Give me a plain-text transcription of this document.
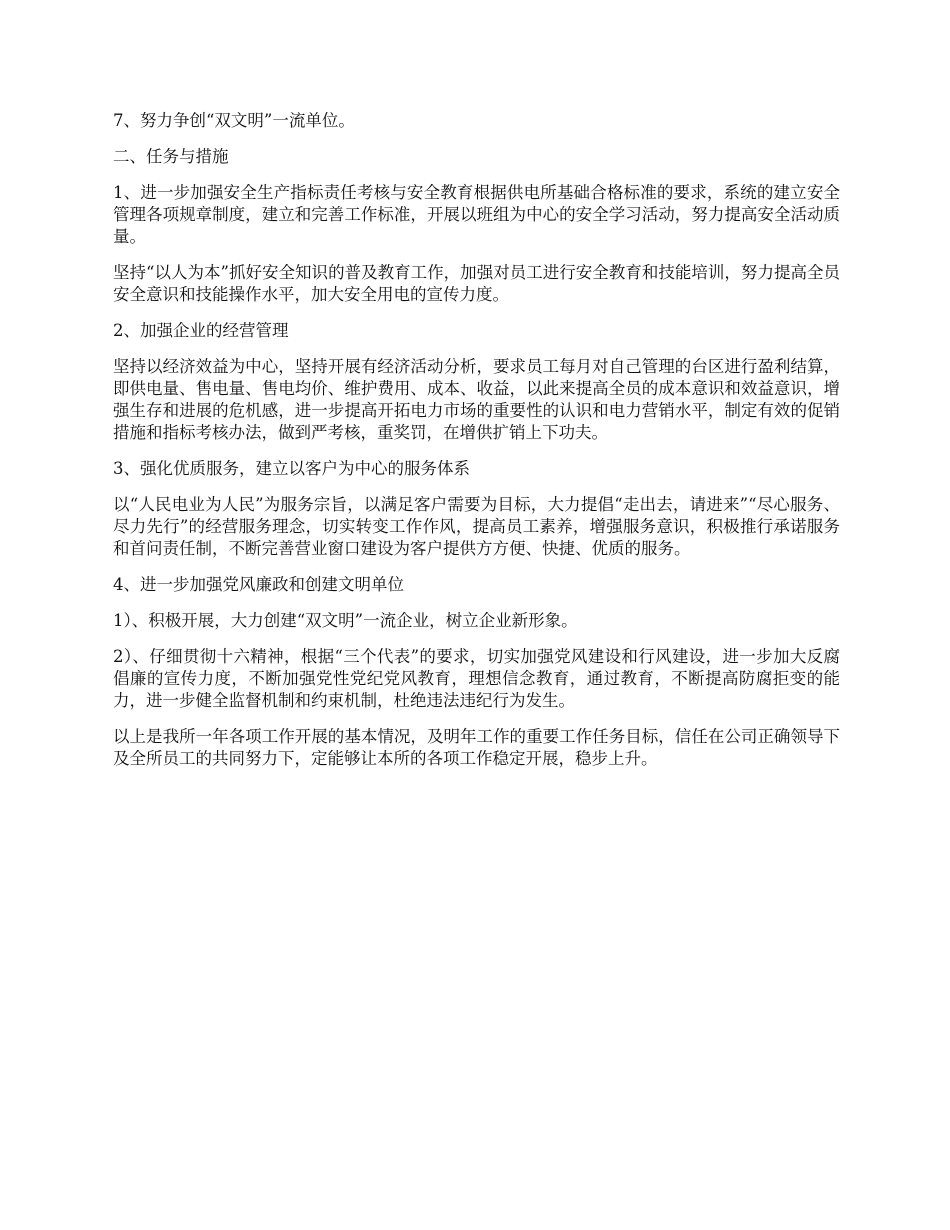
7、努力争创“双文明”一流单位。

二、任务与措施

1、进一步加强安全生产指标责任考核与安全教育根据供电所基础合格标准的要求，系统的建立安全管理各项规章制度，建立和完善工作标准，开展以班组为中心的安全学习活动，努力提高安全活动质量。

坚持“以人为本”抓好安全知识的普及教育工作，加强对员工进行安全教育和技能培训，努力提高全员安全意识和技能操作水平，加大安全用电的宣传力度。

2、加强企业的经营管理

坚持以经济效益为中心，坚持开展有经济活动分析，要求员工每月对自己管理的台区进行盈利结算，即供电量、售电量、售电均价、维护费用、成本、收益，以此来提高全员的成本意识和效益意识，增强生存和进展的危机感，进一步提高开拓电力市场的重要性的认识和电力营销水平，制定有效的促销措施和指标考核办法，做到严考核，重奖罚，在增供扩销上下功夫。

3、强化优质服务，建立以客户为中心的服务体系

以“人民电业为人民”为服务宗旨，以满足客户需要为目标，大力提倡“走出去，请进来”“尽心服务、尽力先行”的经营服务理念，切实转变工作作风，提高员工素养，增强服务意识，积极推行承诺服务和首问责任制，不断完善营业窗口建设为客户提供方方便、快捷、优质的服务。

4、进一步加强党风廉政和创建文明单位

1）、积极开展，大力创建“双文明”一流企业，树立企业新形象。

2）、仔细贯彻十六精神，根据“三个代表”的要求，切实加强党风建设和行风建设，进一步加大反腐倡廉的宣传力度，不断加强党性党纪党风教育，理想信念教育，通过教育，不断提高防腐拒变的能力，进一步健全监督机制和约束机制，杜绝违法违纪行为发生。

以上是我所一年各项工作开展的基本情况，及明年工作的重要工作任务目标，信任在公司正确领导下及全所员工的共同努力下，定能够让本所的各项工作稳定开展，稳步上升。
